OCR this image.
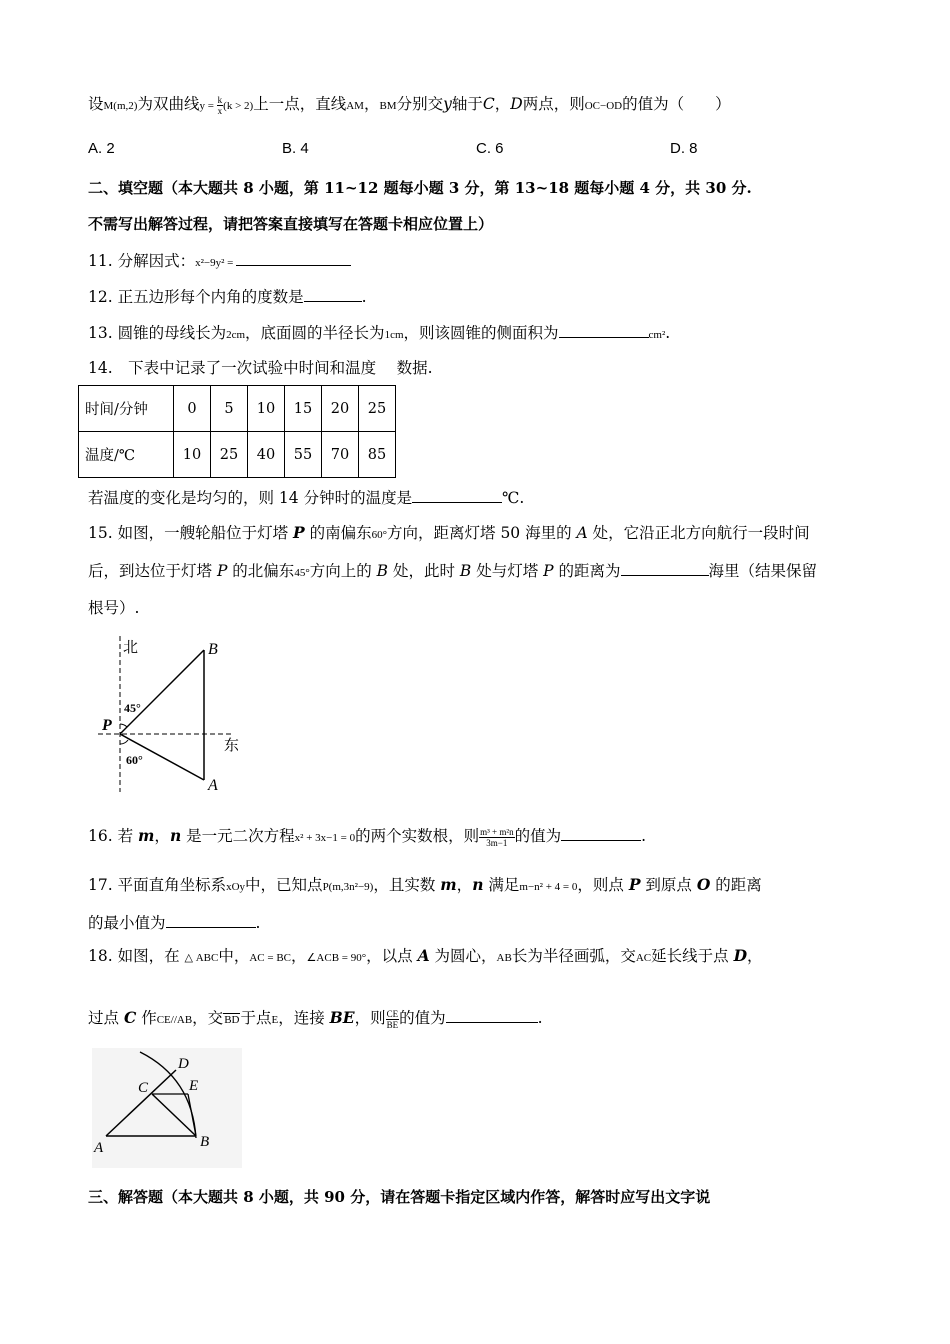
设M(m,2)为双曲线$y = \frac{k}{x} (k > 2)$上一点，直线AM，BM分别交y轴于C，D两点，则OC−OD的值为（　　）
A. 2	B. 4	C. 6	D. 8
二、填空题（本大题共 8 小题，第 11~12 题每小题 3 分，第 13~18 题每小题 4 分，共 30 分.
不需写出解答过程，请把答案直接填写在答题卡相应位置上）
11. 分解因式：x²−9y² =
12. 正五边形每个内角的度数是	.
13. 圆锥的母线长为2cm，底面圆的半径长为1cm，则该圆锥的侧面积为	cm².
14.　下表中记录了一次试验中时间和温度　 数据.
时间/分钟	0	5	10	15	20	25
温度/℃	10	25	40	55	70	85
若温度的变化是均匀的，则 14 分钟时的温度是	℃.
15. 如图，一艘轮船位于灯塔 P 的南偏东60°方向，距离灯塔 50 海里的 A 处，它沿正北方向航行一段时间
后，到达位于灯塔 P 的北偏东45°方向上的 B 处，此时 B 处与灯塔 P 的距离为	海里（结果保留
根号）.
北
东
45°
60°
P
B
A
16. 若 m，n 是一元二次方程x² + 3x−1 = 0的两个实数根，则 $\frac{\text{m³ + m²n}}{3m-1}$ 的值为	.
17. 平面直角坐标系xOy中，已知点P(m,3n²−9)，且实数 m，n 满足m−n² + 4 = 0，则点 P 到原点 O 的距离
的最小值为	.
18. 如图，在 △ ABC中，AC = BC，∠ACB = 90°，以点 A 为圆心，AB长为半径画弧，交AC延长线于点 D，
过点 C 作CE//AB，交 BD 于点E，连接 BE，则 $\frac{CE}{BE}$ 的值为	.
A	B
C
D
E
三、解答题（本大题共 8 小题，共 90 分，请在答题卡指定区域内作答，解答时应写出文字说
